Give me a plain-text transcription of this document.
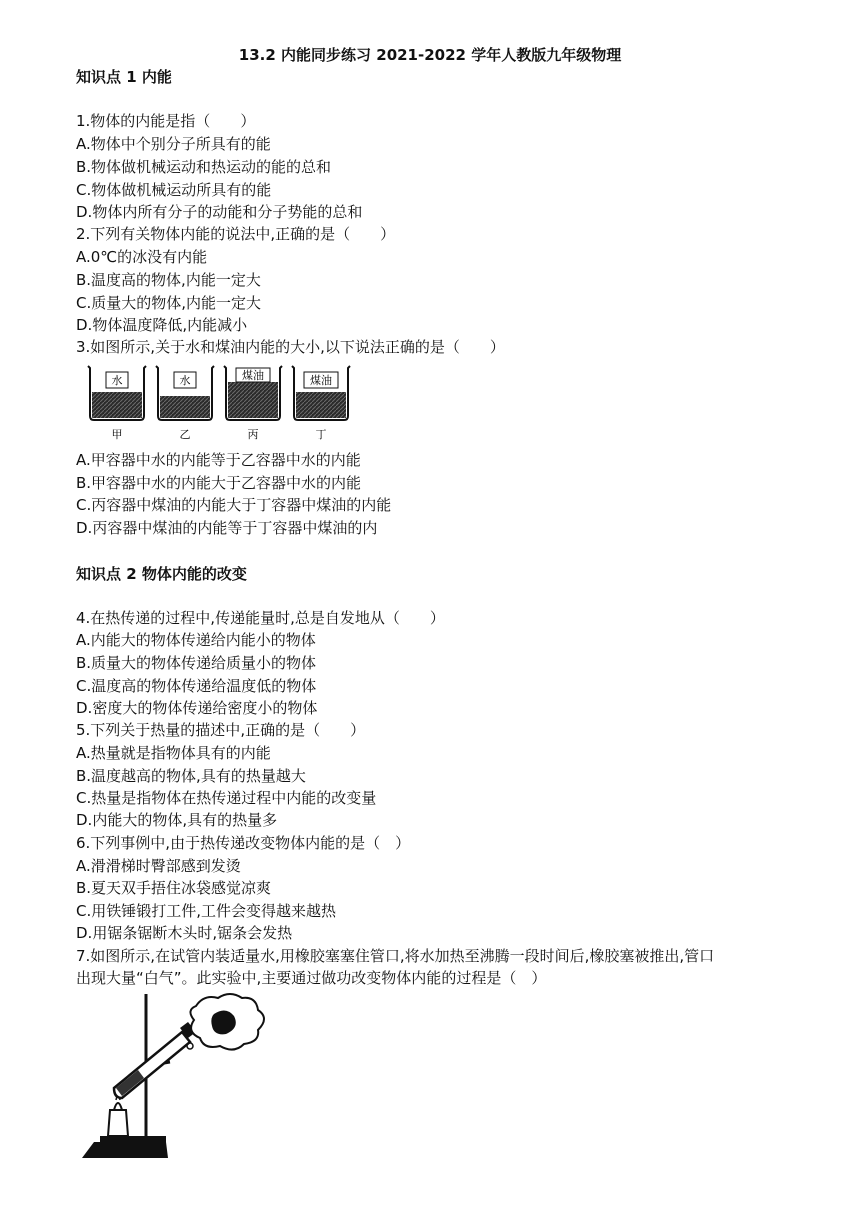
13.2 内能同步练习 2021-2022 学年人教版九年级物理
知识点 1 内能
1.物体的内能是指（　　）
A.物体中个别分子所具有的能
B.物体做机械运动和热运动的能的总和
C.物体做机械运动所具有的能
D.物体内所有分子的动能和分子势能的总和
2.下列有关物体内能的说法中,正确的是（　　）
A.0℃的冰没有内能
B.温度高的物体,内能一定大
C.质量大的物体,内能一定大
D.物体温度降低,内能减小
3.如图所示,关于水和煤油内能的大小,以下说法正确的是（　　）
水
甲
水
乙
煤油
丙
煤油
丁
A.甲容器中水的内能等于乙容器中水的内能
B.甲容器中水的内能大于乙容器中水的内能
C.丙容器中煤油的内能大于丁容器中煤油的内能
D.丙容器中煤油的内能等于丁容器中煤油的内
知识点 2 物体内能的改变
4.在热传递的过程中,传递能量时,总是自发地从（　　）
A.内能大的物体传递给内能小的物体
B.质量大的物体传递给质量小的物体
C.温度高的物体传递给温度低的物体
D.密度大的物体传递给密度小的物体
5.下列关于热量的描述中,正确的是（　　）
A.热量就是指物体具有的内能
B.温度越高的物体,具有的热量越大
C.热量是指物体在热传递过程中内能的改变量
D.内能大的物体,具有的热量多
6.下列事例中,由于热传递改变物体内能的是（　）
A.滑滑梯时臀部感到发烫
B.夏天双手捂住冰袋感觉凉爽
C.用铁锤锻打工件,工件会变得越来越热
D.用锯条锯断木头时,锯条会发热
7.如图所示,在试管内装适量水,用橡胶塞塞住管口,将水加热至沸腾一段时间后,橡胶塞被推出,管口
出现大量“白气”。此实验中,主要通过做功改变物体内能的过程是（　）
